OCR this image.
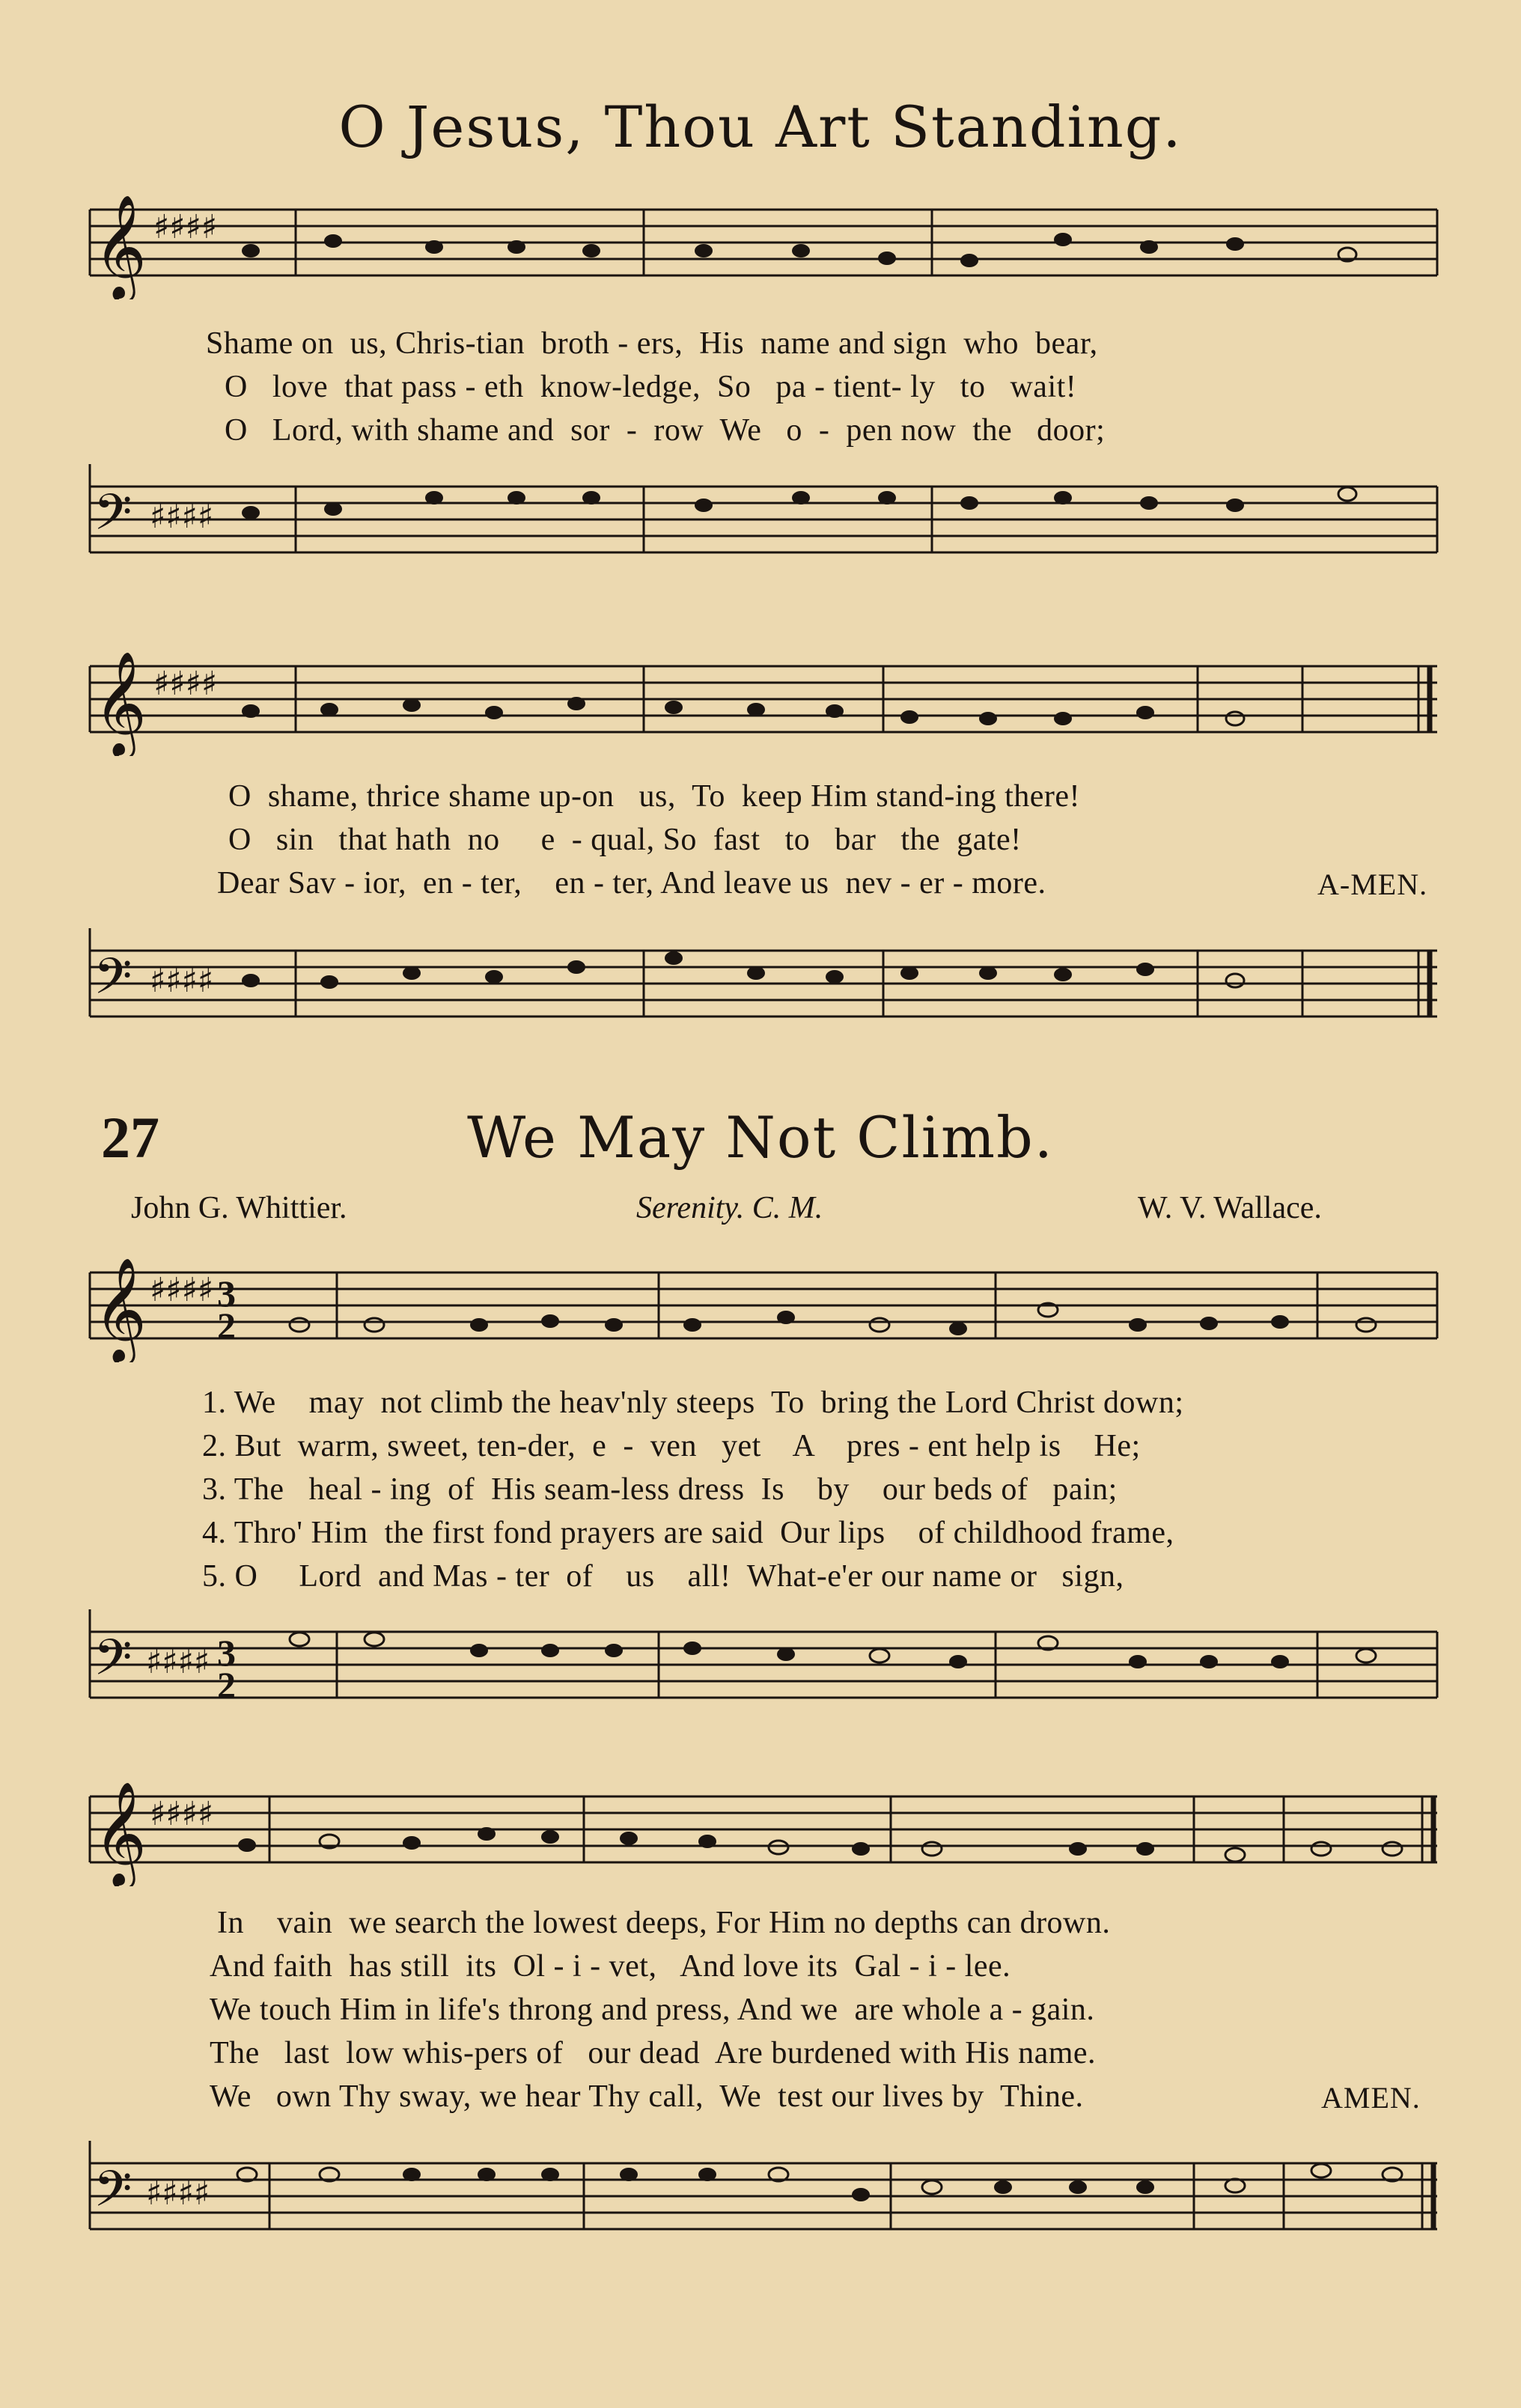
O Jesus, Thou Art Standing.
𝄞 ♯♯♯♯
Shame on  us, Chris-tian  broth - ers,  His  name and sign  who  bear,
O   love  that pass - eth  know-ledge,  So   pa - tient- ly   to   wait!
O   Lord, with shame and  sor  -  row  We   o  -  pen now  the   door;
𝄢 ♯♯♯♯
𝄞 ♯♯♯♯
O  shame, thrice shame up-on   us,  To  keep Him stand-ing there!
O   sin   that hath  no     e  - qual, So  fast   to   bar   the  gate!
Dear Sav - ior,  en - ter,    en - ter, And leave us  nev - er - more.	A-MEN.
𝄢 ♯♯♯♯
27	We May Not Climb.
John G. Whittier.	Serenity. C. M.	W. V. Wallace.
𝄞 ♯♯♯♯ 3
2
1. We    may  not climb the heav'nly steeps  To  bring the Lord Christ down;
2. But  warm, sweet, ten-der,  e  -  ven   yet    A    pres - ent help is    He;
3. The   heal - ing  of  His seam-less dress  Is    by    our beds of   pain;
4. Thro' Him  the first fond prayers are said  Our lips    of childhood frame,
5. O     Lord  and Mas - ter  of    us    all!  What-e'er our name or   sign,
𝄢 ♯♯♯♯ 3
2
𝄞 ♯♯♯♯
In    vain  we search the lowest deeps, For Him no depths can drown.
And faith  has still  its  Ol - i - vet,   And love its  Gal - i - lee.
We touch Him in life's throng and press, And we  are whole a - gain.
The   last  low whis-pers of   our dead  Are burdened with His name.
We   own Thy sway, we hear Thy call,  We  test our lives by  Thine.	AMEN.
𝄢 ♯♯♯♯
